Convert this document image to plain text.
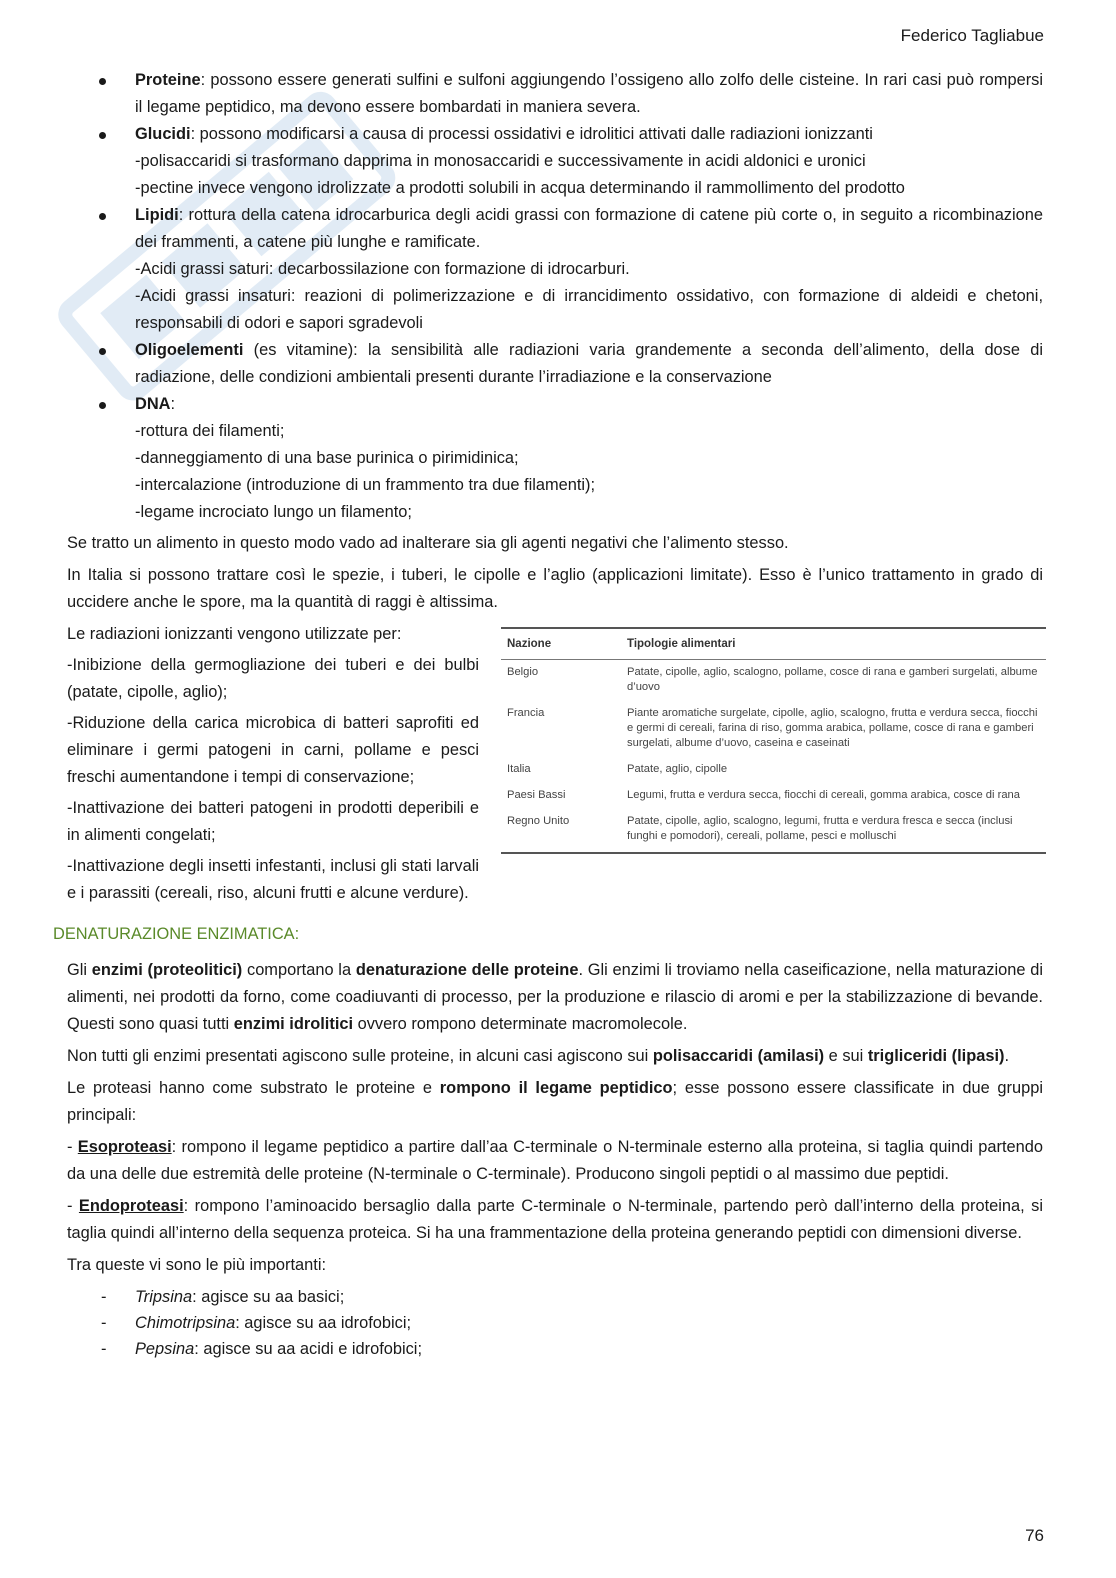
Federico Tagliabue
Proteine: possono essere generati sulfini e sulfoni aggiungendo l’ossigeno allo zolfo delle cisteine. In rari casi può rompersi il legame peptidico, ma devono essere bombardati in maniera severa.
Glucidi: possono modificarsi a causa di processi ossidativi e idrolitici attivati dalle radiazioni ionizzanti
-polisaccaridi si trasformano dapprima in monosaccaridi e successivamente in acidi aldonici e uronici
-pectine invece vengono idrolizzate a prodotti solubili in acqua determinando il rammollimento del prodotto
Lipidi: rottura della catena idrocarburica degli acidi grassi con formazione di catene più corte o, in seguito a ricombinazione dei frammenti, a catene più lunghe e ramificate.
-Acidi grassi saturi: decarbossilazione con formazione di idrocarburi.
-Acidi grassi insaturi: reazioni di polimerizzazione e di irrancidimento ossidativo, con formazione di aldeidi e chetoni, responsabili di odori e sapori sgradevoli
Oligoelementi (es vitamine): la sensibilità alle radiazioni varia grandemente a seconda dell’alimento, della dose di radiazione, delle condizioni ambientali presenti durante l’irradiazione e la conservazione
DNA:
-rottura dei filamenti;
-danneggiamento di una base purinica o pirimidinica;
-intercalazione (introduzione di un frammento tra due filamenti);
-legame incrociato lungo un filamento;

Se tratto un alimento in questo modo vado ad inalterare sia gli agenti negativi che l’alimento stesso.

In Italia si possono trattare così le spezie, i tuberi, le cipolle e l’aglio (applicazioni limitate). Esso è l’unico trattamento in grado di uccidere anche le spore, ma la quantità di raggi è altissima.

Nazione	Tipologie alimentari
Belgio	Patate, cipolle, aglio, scalogno, pollame, cosce di rana e gamberi surgelati, albume d’uovo
Francia	Piante aromatiche surgelate, cipolle, aglio, scalogno, frutta e verdura secca, fiocchi e germi di cereali, farina di riso, gomma arabica, pollame, cosce di rana e gamberi surgelati, albume d’uovo, caseina e caseinati
Italia	Patate, aglio, cipolle
Paesi Bassi	Legumi, frutta e verdura secca, fiocchi di cereali, gomma arabica, cosce di rana
Regno Unito	Patate, cipolle, aglio, scalogno, legumi, frutta e verdura fresca e secca (inclusi funghi e pomodori), cereali, pollame, pesci e molluschi

Le radiazioni ionizzanti vengono utilizzate per:

-Inibizione della germogliazione dei tuberi e dei bulbi (patate, cipolle, aglio);

-Riduzione della carica microbica di batteri saprofiti ed eliminare i germi patogeni in carni, pollame e pesci freschi aumentandone i tempi di conservazione;

-Inattivazione dei batteri patogeni in prodotti deperibili e in alimenti congelati;

-Inattivazione degli insetti infestanti, inclusi gli stati larvali e i parassiti (cereali, riso, alcuni frutti e alcune verdure).

DENATURAZIONE ENZIMATICA:

Gli enzimi (proteolitici) comportano la denaturazione delle proteine. Gli enzimi li troviamo nella caseificazione, nella maturazione di alimenti, nei prodotti da forno, come coadiuvanti di processo, per la produzione e rilascio di aromi e per la stabilizzazione di bevande. Questi sono quasi tutti enzimi idrolitici ovvero rompono determinate macromolecole.

Non tutti gli enzimi presentati agiscono sulle proteine, in alcuni casi agiscono sui polisaccaridi (amilasi) e sui trigliceridi (lipasi).

Le proteasi hanno come substrato le proteine e rompono il legame peptidico; esse possono essere classificate in due gruppi principali:

- Esoproteasi: rompono il legame peptidico a partire dall’aa C-terminale o N-terminale esterno alla proteina, si taglia quindi partendo da una delle due estremità delle proteine (N-terminale o C-terminale). Producono singoli peptidi o al massimo due peptidi.

- Endoproteasi: rompono l’aminoacido bersaglio dalla parte C-terminale o N-terminale, partendo però dall’interno della proteina, si taglia quindi all’interno della sequenza proteica. Si ha una frammentazione della proteina generando peptidi con dimensioni diverse.

Tra queste vi sono le più importanti:

- Tripsina: agisce su aa basici;
- Chimotripsina: agisce su aa idrofobici;
- Pepsina: agisce su aa acidi e idrofobici;
76
